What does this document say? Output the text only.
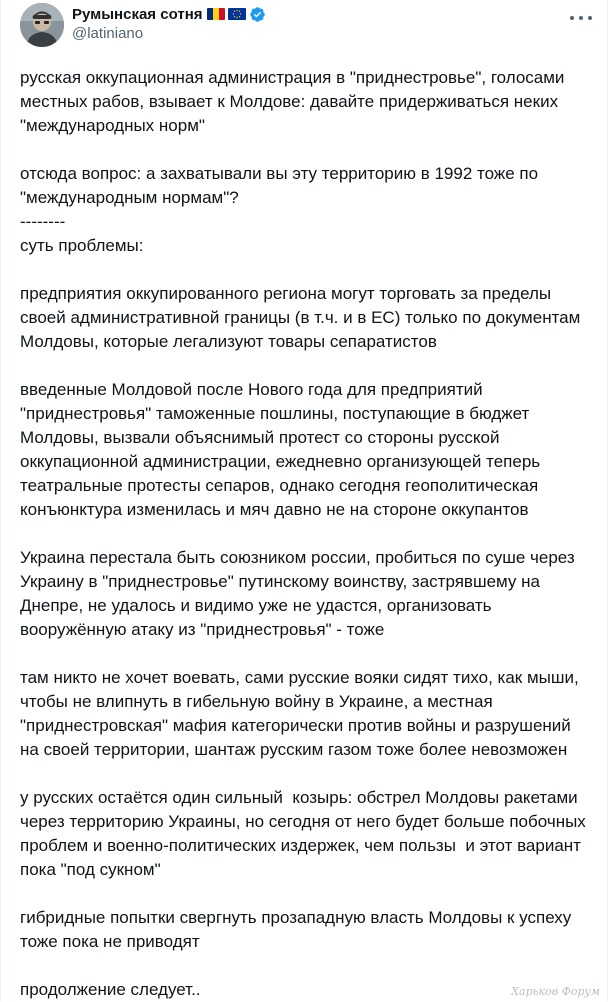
Румынская сотня
@latiniano

русская оккупационная администрация в "приднестровье", голосами
местных рабов, взывает к Молдове: давайте придерживаться неких
"международных норм"

отсюда вопрос: а захватывали вы эту территорию в 1992 тоже по
"международным нормам"?
--------
суть проблемы:

предприятия оккупированного региона могут торговать за пределы
своей административной границы (в т.ч. и в ЕС) только по документам
Молдовы, которые легализуют товары сепаратистов

введенные Молдовой после Нового года для предприятий
"приднестровья" таможенные пошлины, поступающие в бюджет
Молдовы, вызвали объяснимый протест со стороны русской
оккупационной администрации, ежедневно организующей теперь
театральные протесты сепаров, однако сегодня геополитическая
конъюнктура изменилась и мяч давно не на стороне оккупантов

Украина перестала быть союзником россии, пробиться по суше через
Украину в "приднестровье" путинскому воинству, застрявшему на
Днепре, не удалось и видимо уже не удастся, организовать
вооружённую атаку из "приднестровья" - тоже

там никто не хочет воевать, сами русские вояки сидят тихо, как мыши,
чтобы не влипнуть в гибельную войну в Украине, а местная
"приднестровская" мафия категорически против войны и разрушений
на своей территории, шантаж русским газом тоже более невозможен

у русских остаётся один сильный  козырь: обстрел Молдовы ракетами
через территорию Украины, но сегодня от него будет больше побочных
проблем и военно-политических издержек, чем пользы  и этот вариант
пока "под сукном"

гибридные попытки свергнуть прозападную власть Молдовы к успеху
тоже пока не приводят

продолжение следует..	Харьков Форум
